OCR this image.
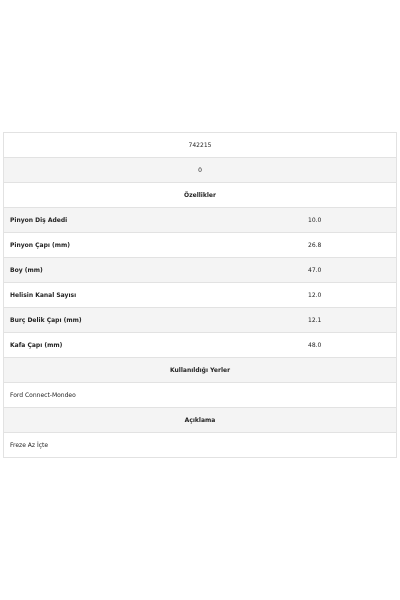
742215
0
Özellikler
Pinyon Diş Adedi	10.0
Pinyon Çapı (mm)	26.8
Boy (mm)	47.0
Helisin Kanal Sayısı	12.0
Burç Delik Çapı (mm)	12.1
Kafa Çapı (mm)	48.0
Kullanıldığı Yerler
Ford Connect-Mondeo
Açıklama
Freze Az İçte
